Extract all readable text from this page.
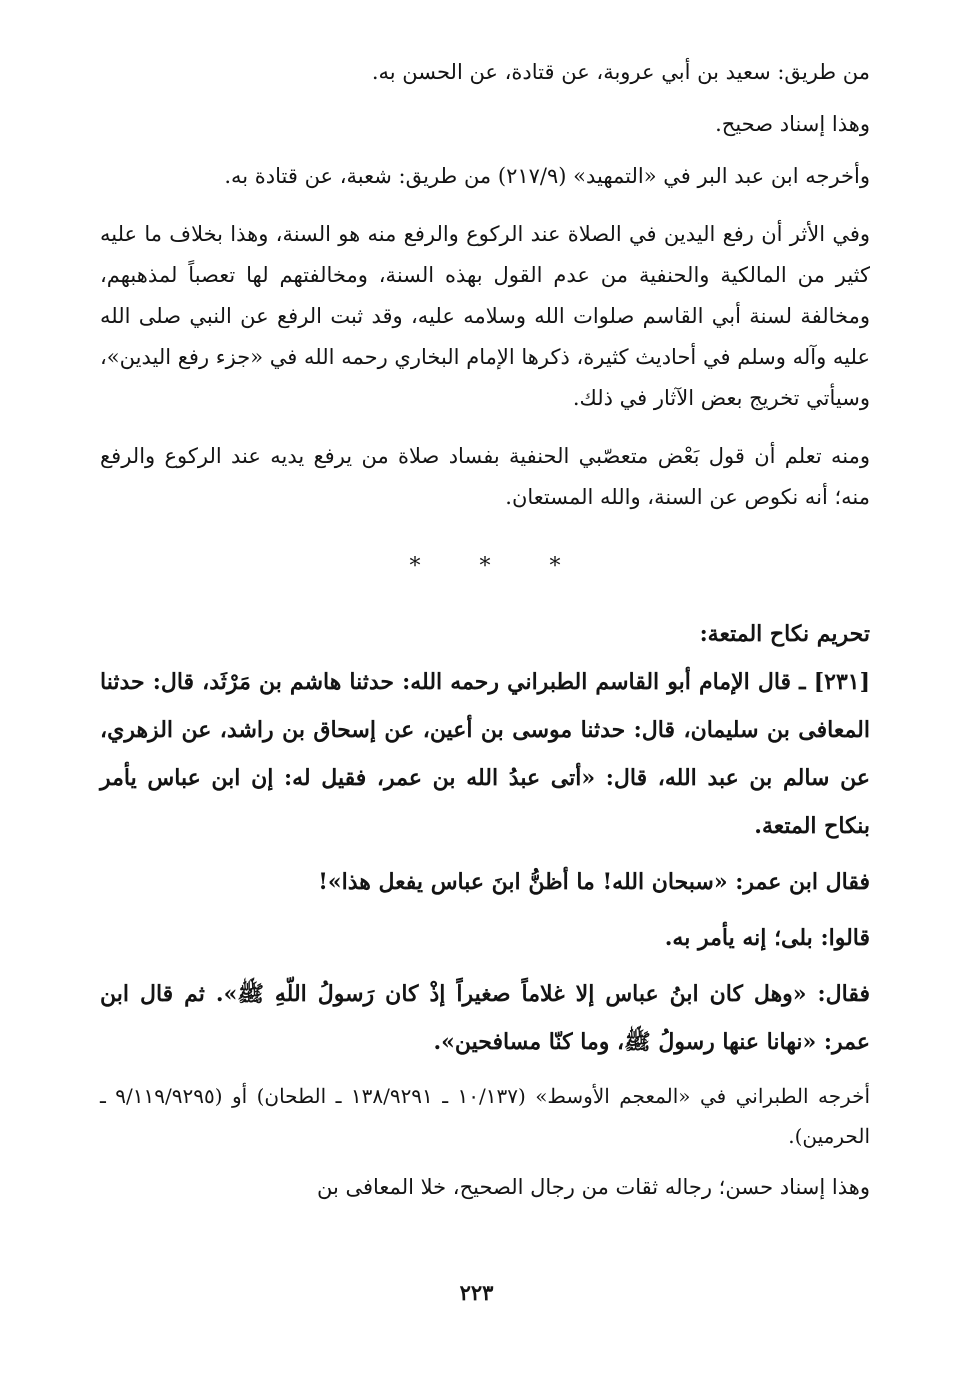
من طريق: سعيد بن أبي عروبة، عن قتادة، عن الحسن به.

وهذا إسناد صحيح.

وأخرجه ابن عبد البر في «التمهيد» (٢١٧/٩) من طريق: شعبة، عن قتادة به.

وفي الأثر أن رفع اليدين في الصلاة عند الركوع والرفع منه هو السنة، وهذا بخلاف ما عليه كثير من المالكية والحنفية من عدم القول بهذه السنة، ومخالفتهم لها تعصباً لمذهبهم، ومخالفة لسنة أبي القاسم صلوات الله وسلامه عليه، وقد ثبت الرفع عن النبي صلى الله عليه وآله وسلم في أحاديث كثيرة، ذكرها الإمام البخاري رحمه الله في «جزء رفع اليدين»، وسيأتي تخريج بعض الآثار في ذلك.

ومنه تعلم أن قول بَعْض متعصّبي الحنفية بفساد صلاة من يرفع يديه عند الركوع والرفع منه؛ أنه نكوص عن السنة، والله المستعان.

* * *
تحريم نكاح المتعة:

[٢٣١] ـ قال الإمام أبو القاسم الطبراني رحمه الله: حدثنا هاشم بن مَرْثَد، قال: حدثنا المعافى بن سليمان، قال: حدثنا موسى بن أعين، عن إسحاق بن راشد، عن الزهري، عن سالم بن عبد الله، قال: «أتى عبدُ الله بن عمر، فقيل له: إن ابن عباس يأمر بنكاح المتعة.

فقال ابن عمر: «سبحان الله! ما أظنُّ ابنَ عباس يفعل هذا»!

قالوا: بلى؛ إنه يأمر به.

فقال: «وهل كان ابنُ عباس إلا غلاماً صغيراً إذْ كان رَسولُ اللّهِ ﷺ». ثم قال ابن عمر: «نهانا عنها رسولُ ﷺ، وما كنّا مسافحين».

أخرجه الطبراني في «المعجم الأوسط» (١٠/١٣٧ ـ ١٣٨/٩٢٩١ ـ الطحان) أو (٩/١١٩/٩٢٩٥ ـ الحرمين).

وهذا إسناد حسن؛ رجاله ثقات من رجال الصحيح، خلا المعافى بن

٢٢٣
